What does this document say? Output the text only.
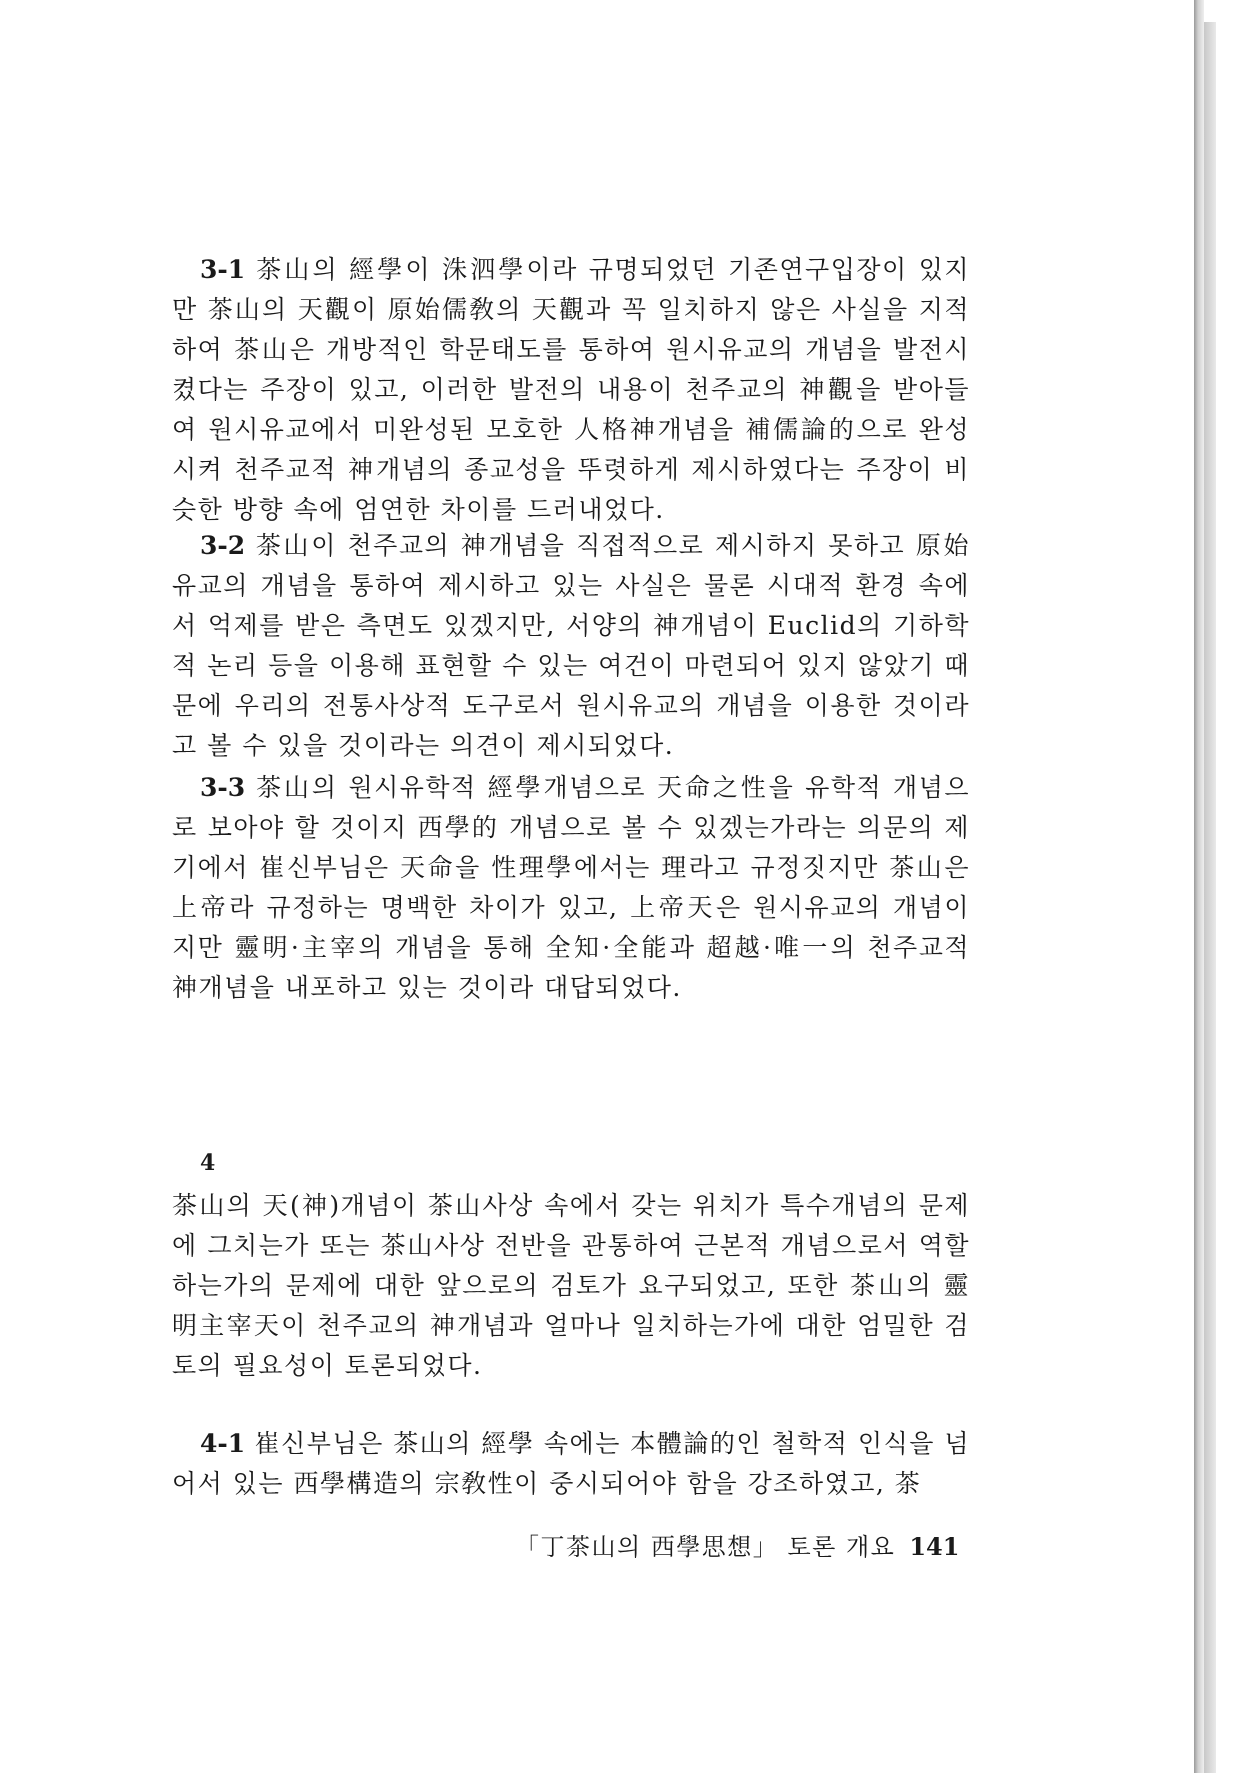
3-1 茶山의 經學이 洙泗學이라 규명되었던 기존연구입장이 있지만 茶山의 天觀이 原始儒敎의 天觀과 꼭 일치하지 않은 사실을 지적하여 茶山은 개방적인 학문태도를 통하여 원시유교의 개념을 발전시켰다는 주장이 있고, 이러한 발전의 내용이 천주교의 神觀을 받아들여 원시유교에서 미완성된 모호한 人格神개념을 補儒論的으로 완성시켜 천주교적 神개념의 종교성을 뚜렷하게 제시하였다는 주장이 비슷한 방향 속에 엄연한 차이를 드러내었다.

3-2 茶山이 천주교의 神개념을 직접적으로 제시하지 못하고 原始유교의 개념을 통하여 제시하고 있는 사실은 물론 시대적 환경 속에서 억제를 받은 측면도 있겠지만, 서양의 神개념이 Euclid의 기하학적 논리 등을 이용해 표현할 수 있는 여건이 마련되어 있지 않았기 때문에 우리의 전통사상적 도구로서 원시유교의 개념을 이용한 것이라고 볼 수 있을 것이라는 의견이 제시되었다.

3-3 茶山의 원시유학적 經學개념으로 天命之性을 유학적 개념으로 보아야 할 것이지 西學的 개념으로 볼 수 있겠는가라는 의문의 제기에서 崔신부님은 天命을 性理學에서는 理라고 규정짓지만 茶山은 上帝라 규정하는 명백한 차이가 있고, 上帝天은 원시유교의 개념이지만 靈明·主宰의 개념을 통해 全知·全能과 超越·唯一의 천주교적 神개념을 내포하고 있는 것이라 대답되었다.

4

茶山의 天(神)개념이 茶山사상 속에서 갖는 위치가 특수개념의 문제에 그치는가 또는 茶山사상 전반을 관통하여 근본적 개념으로서 역할하는가의 문제에 대한 앞으로의 검토가 요구되었고, 또한 茶山의 靈明主宰天이 천주교의 神개념과 얼마나 일치하는가에 대한 엄밀한 검토의 필요성이 토론되었다.

4-1 崔신부님은 茶山의 經學 속에는 本體論的인 철학적 인식을 넘어서 있는 西學構造의 宗敎性이 중시되어야 함을 강조하였고, 茶

「丁茶山의 西學思想」 토론 개요 141
